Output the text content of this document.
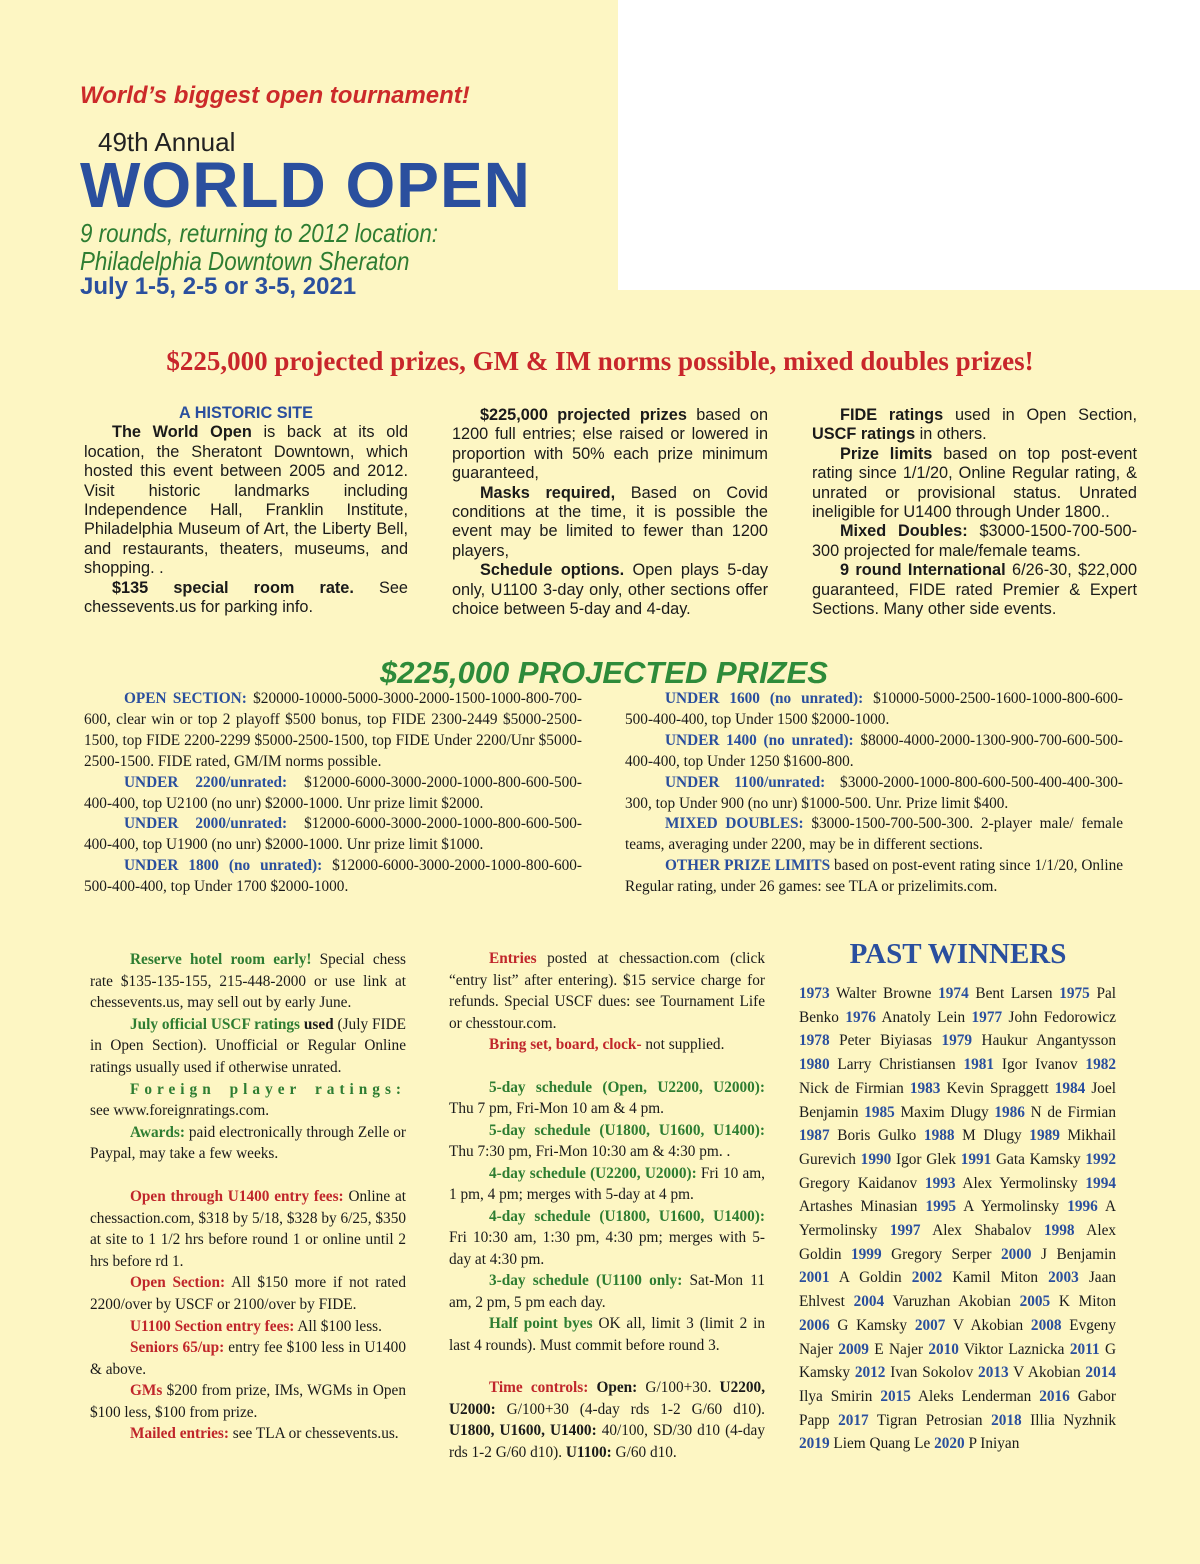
World’s biggest open tournament!
49th Annual
WORLD OPEN
9 rounds, returning to 2012 location:
Philadelphia Downtown Sheraton
July 1-5, 2-5 or 3-5, 2021
$225,000 projected prizes, GM & IM norms possible, mixed doubles prizes!

A HISTORIC SITE

The World Open is back at its old location, the Sheratont Downtown, which hosted this event between 2005 and 2012. Visit historic landmarks including Independence Hall, Franklin Institute, Philadelphia Museum of Art, the Liberty Bell, and restaurants, theaters, museums, and shopping. .

$135 special room rate. See chessevents.us for parking info.

$225,000 projected prizes based on 1200 full entries; else raised or lowered in proportion with 50% each prize minimum guaranteed,

Masks required, Based on Covid conditions at the time, it is possible the event may be limited to fewer than 1200 players,

Schedule options. Open plays 5-day only, U1100 3-day only, other sections offer choice between 5-day and 4-day.

FIDE ratings used in Open Section, USCF ratings in others.

Prize limits based on top post-event rating since 1/1/20, Online Regular rating, & unrated or provisional status. Unrated ineligible for U1400 through Under 1800..

Mixed Doubles: $3000-1500-700-500-300 projected for male/female teams.

9 round International 6/26-30, $22,000 guaranteed, FIDE rated Premier & Expert Sections. Many other side events.

$225,000 PROJECTED PRIZES

OPEN SECTION: $20000-10000-5000-3000-2000-1500-1000-800-700-600, clear win or top 2 playoff $500 bonus, top FIDE 2300-2449 $5000-2500-1500, top FIDE 2200-2299 $5000-2500-1500, top FIDE Under 2200/Unr $5000-2500-1500. FIDE rated, GM/IM norms possible.

UNDER 2200/unrated: $12000-6000-3000-2000-1000-800-600-500-400-400, top U2100 (no unr) $2000-1000. Unr prize limit $2000.

UNDER 2000/unrated: $12000-6000-3000-2000-1000-800-600-500-400-400, top U1900 (no unr) $2000-1000. Unr prize limit $1000.

UNDER 1800 (no unrated): $12000-6000-3000-2000-1000-800-600-500-400-400, top Under 1700 $2000-1000.

UNDER 1600 (no unrated): $10000-5000-2500-1600-1000-800-600-500-400-400, top Under 1500 $2000-1000.

UNDER 1400 (no unrated): $8000-4000-2000-1300-900-700-600-500-400-400, top Under 1250 $1600-800.

UNDER 1100/unrated: $3000-2000-1000-800-600-500-400-400-300-300, top Under 900 (no unr) $1000-500. Unr. Prize limit $400.

MIXED DOUBLES: $3000-1500-700-500-300. 2-player male/ female teams, averaging under 2200, may be in different sections.

OTHER PRIZE LIMITS based on post-event rating since 1/1/20, Online Regular rating, under 26 games: see TLA or prizelimits.com.

Reserve hotel room early! Special chess rate $135-135-155, 215-448-2000 or use link at chessevents.us, may sell out by early June.

July official USCF ratings used (July FIDE in Open Section). Unofficial or Regular Online ratings usually used if otherwise unrated.

Foreign player ratings: see www.foreignratings.com.

Awards: paid electronically through Zelle or Paypal, may take a few weeks.

Open through U1400 entry fees: Online at chessaction.com, $318 by 5/18, $328 by 6/25, $350 at site to 1 1/2 hrs before round 1 or online until 2 hrs before rd 1.

Open Section: All $150 more if not rated 2200/over by USCF or 2100/over by FIDE.

U1100 Section entry fees: All $100 less.

Seniors 65/up: entry fee $100 less in U1400 & above.

GMs $200 from prize, IMs, WGMs in Open $100 less, $100 from prize.

Mailed entries: see TLA or chessevents.us.

Entries posted at chessaction.com (click “entry list” after entering). $15 service charge for refunds. Special USCF dues: see Tournament Life or chesstour.com.

Bring set, board, clock- not supplied.

5-day schedule (Open, U2200, U2000): Thu 7 pm, Fri-Mon 10 am & 4 pm.

5-day schedule (U1800, U1600, U1400): Thu 7:30 pm, Fri-Mon 10:30 am & 4:30 pm. .

4-day schedule (U2200, U2000): Fri 10 am, 1 pm, 4 pm; merges with 5-day at 4 pm.

4-day schedule (U1800, U1600, U1400): Fri 10:30 am, 1:30 pm, 4:30 pm; merges with 5-day at 4:30 pm.

3-day schedule (U1100 only: Sat-Mon 11 am, 2 pm, 5 pm each day.

Half point byes OK all, limit 3 (limit 2 in last 4 rounds). Must commit before round 3.

Time controls: Open: G/100+30. U2200, U2000: G/100+30 (4-day rds 1-2 G/60 d10). U1800, U1600, U1400: 40/100, SD/30 d10 (4-day rds 1-2 G/60 d10). U1100: G/60 d10.

PAST WINNERS
1973 Walter Browne 1974 Bent Larsen 1975 Pal Benko 1976 Anatoly Lein 1977 John Fedorowicz 1978 Peter Biyiasas 1979 Haukur Angantysson 1980 Larry Christiansen 1981 Igor Ivanov 1982 Nick de Firmian 1983 Kevin Spraggett 1984 Joel Benjamin 1985 Maxim Dlugy 1986 N de Firmian 1987 Boris Gulko 1988 M Dlugy 1989 Mikhail Gurevich 1990 Igor Glek 1991 Gata Kamsky 1992 Gregory Kaidanov 1993 Alex Yermolinsky 1994 Artashes Minasian 1995 A Yermolinsky 1996 A Yermolinsky 1997 Alex Shabalov 1998 Alex Goldin 1999 Gregory Serper 2000 J Benjamin 2001 A Goldin 2002 Kamil Miton 2003 Jaan Ehlvest 2004 Varuzhan Akobian 2005 K Miton 2006 G Kamsky 2007 V Akobian 2008 Evgeny Najer 2009 E Najer 2010 Viktor Laznicka 2011 G Kamsky 2012 Ivan Sokolov 2013 V Akobian 2014 Ilya Smirin 2015 Aleks Lenderman 2016 Gabor Papp 2017 Tigran Petrosian 2018 Illia Nyzhnik 2019 Liem Quang Le 2020 P Iniyan
